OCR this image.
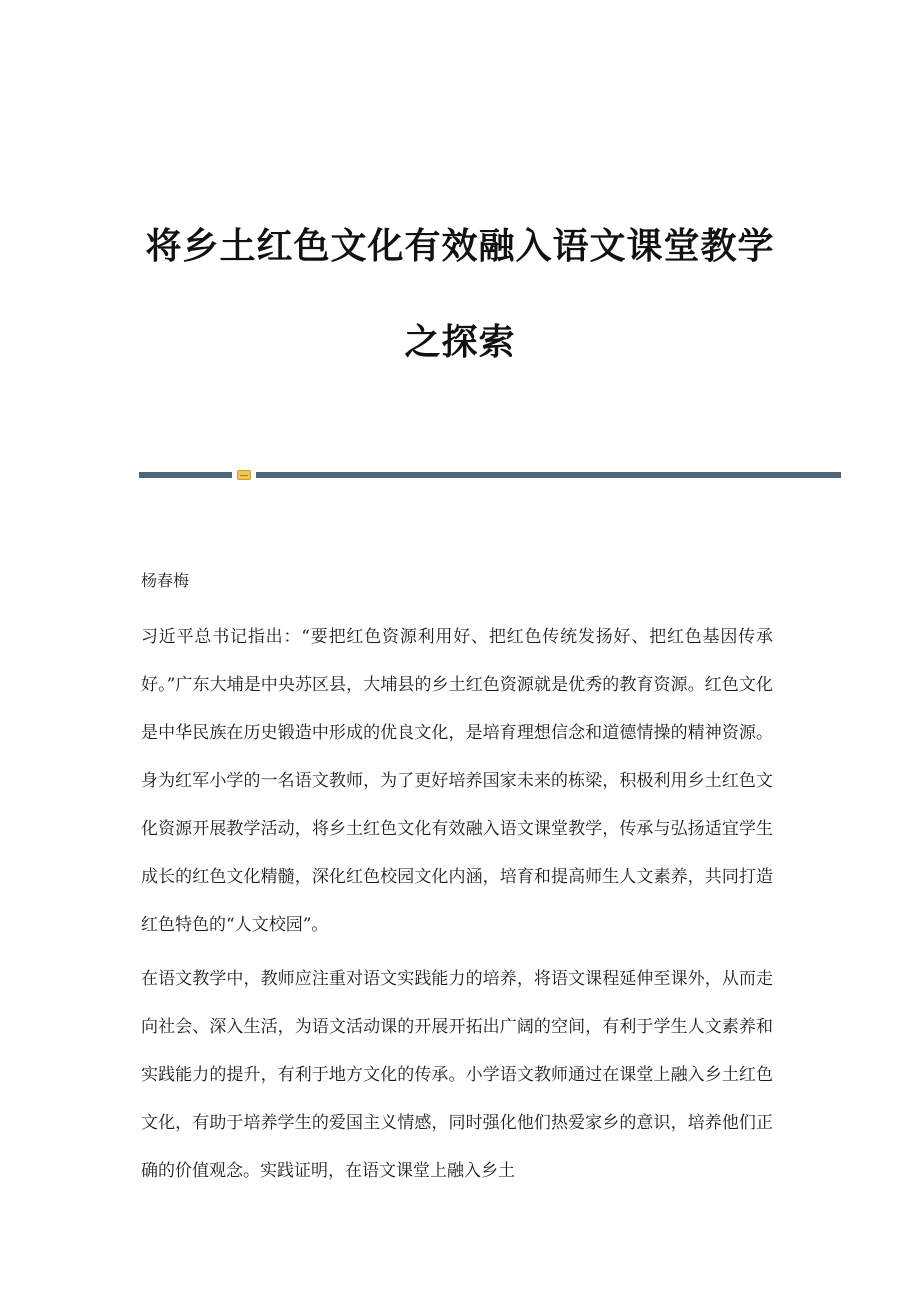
将乡土红色文化有效融入语文课堂教学
之探索
杨春梅

习近平总书记指出：“要把红色资源利用好、把红色传统发扬好、把红色基因传承好。”广东大埔是中央苏区县，大埔县的乡土红色资源就是优秀的教育资源。红色文化是中华民族在历史锻造中形成的优良文化，是培育理想信念和道德情操的精神资源。身为红军小学的一名语文教师，为了更好培养国家未来的栋梁，积极利用乡土红色文化资源开展教学活动，将乡土红色文化有效融入语文课堂教学，传承与弘扬适宜学生成长的红色文化精髓，深化红色校园文化内涵，培育和提高师生人文素养，共同打造红色特色的“人文校园”。

在语文教学中，教师应注重对语文实践能力的培养，将语文课程延伸至课外，从而走向社会、深入生活，为语文活动课的开展开拓出广阔的空间，有利于学生人文素养和实践能力的提升，有利于地方文化的传承。小学语文教师通过在课堂上融入乡土红色文化，有助于培养学生的爱国主义情感，同时强化他们热爱家乡的意识，培养他们正确的价值观念。实践证明，在语文课堂上融入乡土
